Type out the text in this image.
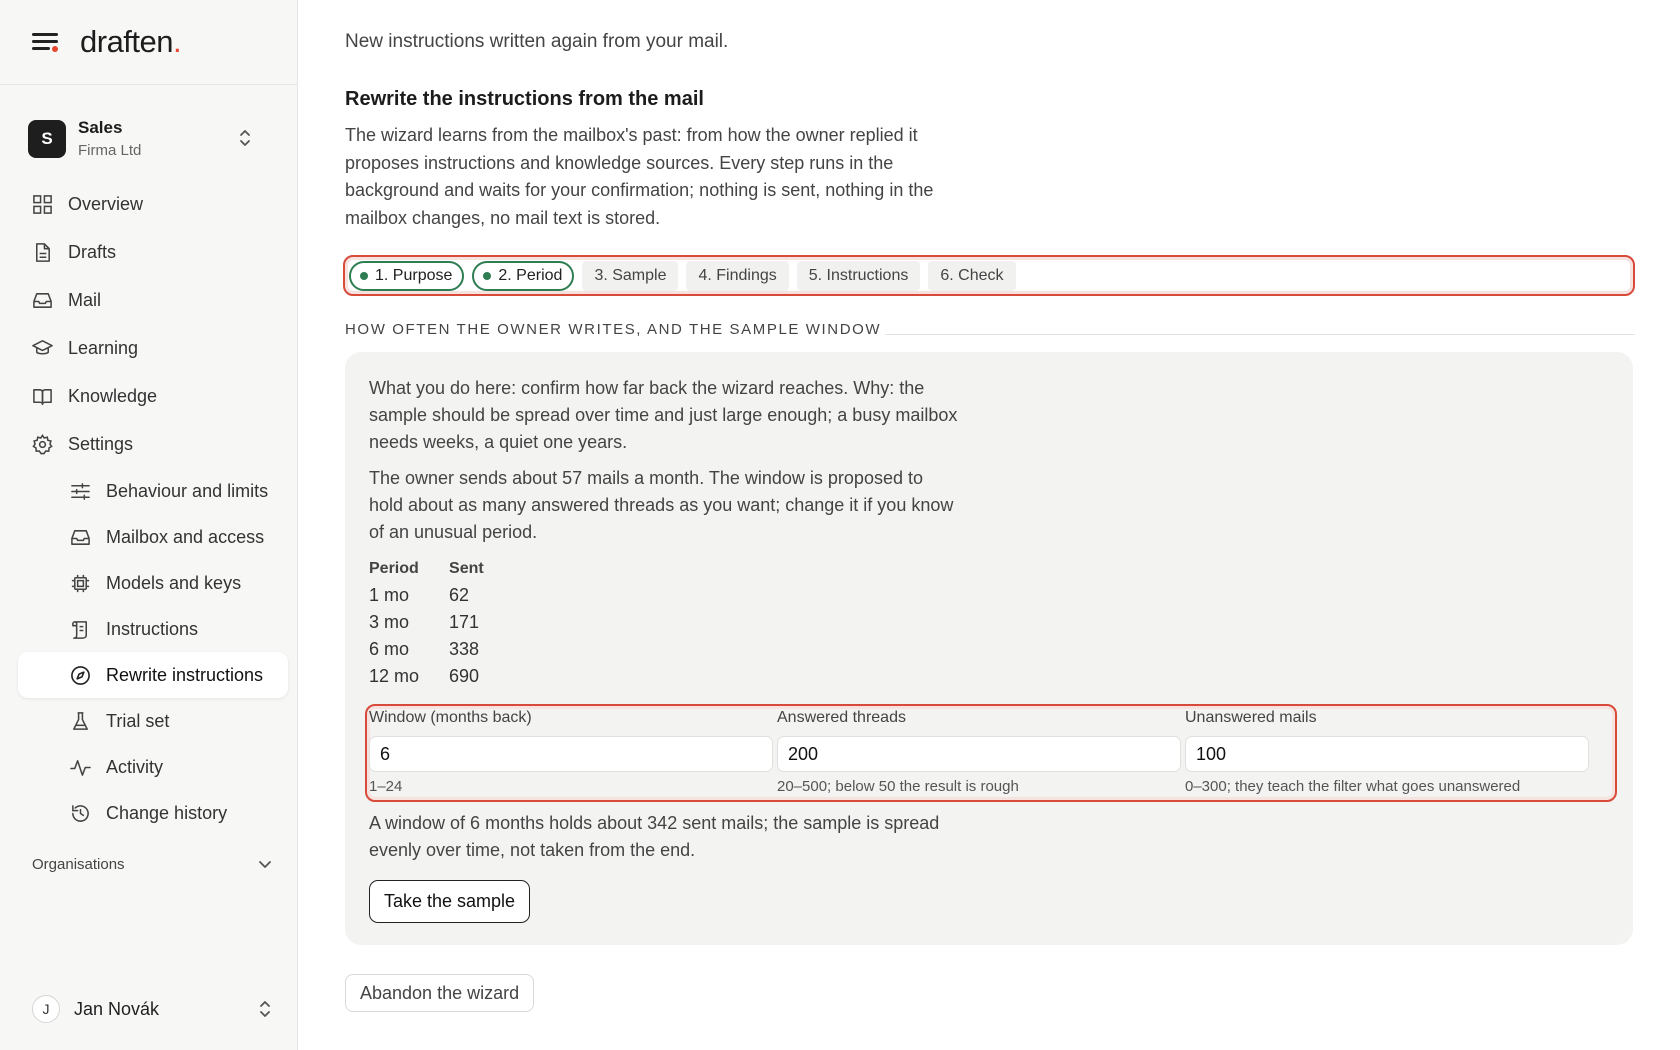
draften.
S
Sales
Firma Ltd
Overview
Drafts
Mail
Learning
Knowledge
Settings
Behaviour and limits
Mailbox and access
Models and keys
Instructions
Rewrite instructions
Trial set
Activity
Change history
Organisations
J	Jan Novák
New instructions written again from your mail.
Rewrite the instructions from the mail

The wizard learns from the mailbox's past: from how the owner replied it proposes instructions and knowledge sources. Every step runs in the background and waits for your confirmation; nothing is sent, nothing in the mailbox changes, no mail text is stored.

1. Purpose	2. Period 3. Sample 4. Findings 5. Instructions 6. Check
HOW OFTEN THE OWNER WRITES, AND THE SAMPLE WINDOW

What you do here: confirm how far back the wizard reaches. Why: the sample should be spread over time and just large enough; a busy mailbox needs weeks, a quiet one years.

The owner sends about 57 mails a month. The window is proposed to hold about as many answered threads as you want; change it if you know of an unusual period.

Period	Sent
1 mo	62
3 mo	171
6 mo	338
12 mo	690
Window (months back)
6
1–24
Answered threads
200
20–500; below 50 the result is rough
Unanswered mails
100
0–300; they teach the filter what goes unanswered

A window of 6 months holds about 342 sent mails; the sample is spread evenly over time, not taken from the end.

Take the sample
Abandon the wizard
